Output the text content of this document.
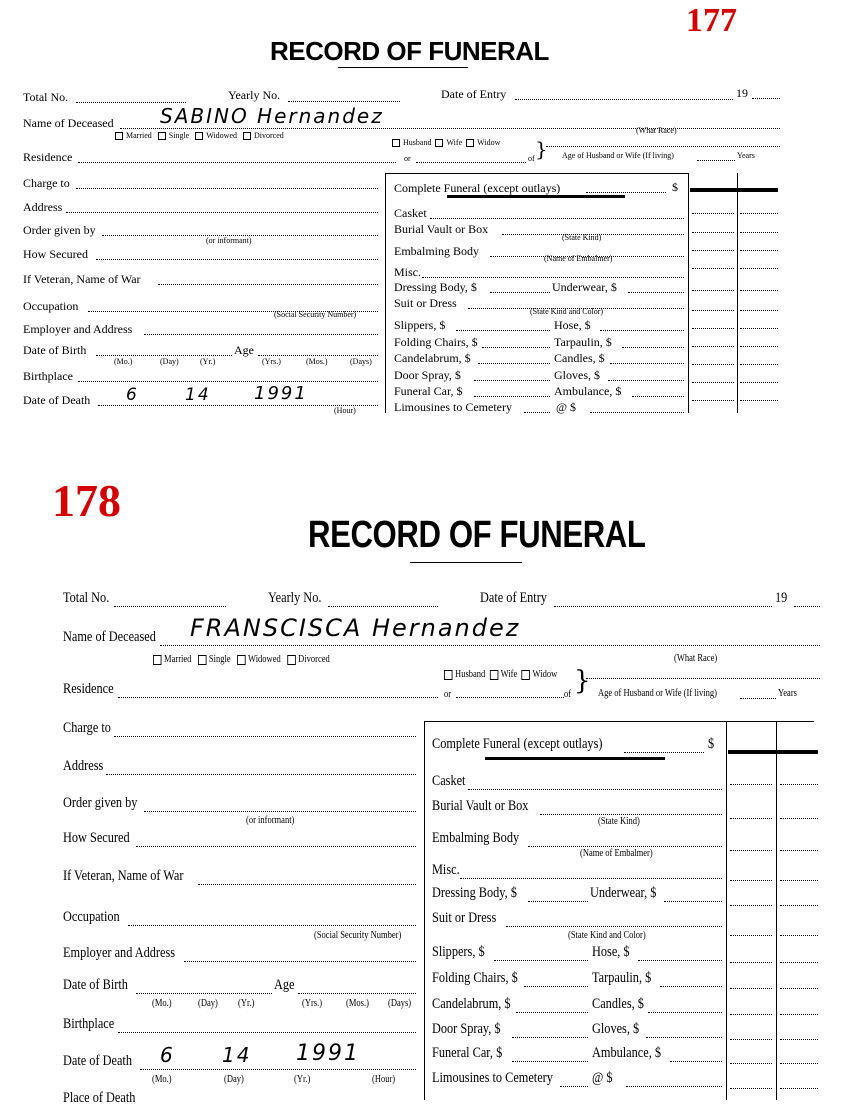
177
RECORD OF FUNERAL
Total No.	Yearly No.	Date of Entry	19
Name of Deceased SABINO Hernandez
Married Single Widowed Divorced
Husband Wife Widow
(What Race)
Residence	or	of } Age of Husband or Wife (If living)	Years
Charge to
Address
Order given by
(or informant)
How Secured
If Veteran, Name of War
Occupation
(Social Security Number)
Employer and Address
Date of Birth	Age
(Mo.)	(Day)	(Yr.)	(Yrs.)	(Mos.)	(Days)
Birthplace
Date of Death 6	14 1991
(Hour)
Complete Funeral (except outlays)	$
Casket
Burial Vault or Box
(State Kind)
Embalming Body
(Name of Embalmer)
Misc.
Dressing Body, $	Underwear, $
Suit or Dress
(State Kind and Color)
Slippers, $	Hose, $
Folding Chairs, $	Tarpaulin, $
Candelabrum, $	Candles, $
Door Spray, $	Gloves, $
Funeral Car, $	Ambulance, $
Limousines to Cemetery	@ $
178
RECORD OF FUNERAL
Total No.	Yearly No.	Date of Entry	19
Name of Deceased FRANSCISCA Hernandez
Married Single Widowed Divorced
Husband Wife Widow
(What Race)
Residence	or	of } Age of Husband or Wife (If living)	Years
Charge to
Address
Order given by
(or informant)
How Secured
If Veteran, Name of War
Occupation
(Social Security Number)
Employer and Address
Date of Birth	Age
(Mo.)	(Day) (Yr.)	(Yrs.) (Mos.) (Days)
Birthplace
Date of Death 6 14 1991
(Mo.)	(Day)	(Yr.)	(Hour)
Place of Death
Complete Funeral (except outlays)	$
Casket
Burial Vault or Box
(State Kind)
Embalming Body
(Name of Embalmer)
Misc.
Dressing Body, $	Underwear, $
Suit or Dress
(State Kind and Color)
Slippers, $	Hose, $
Folding Chairs, $	Tarpaulin, $
Candelabrum, $	Candles, $
Door Spray, $	Gloves, $
Funeral Car, $	Ambulance, $
Limousines to Cemetery	@ $
